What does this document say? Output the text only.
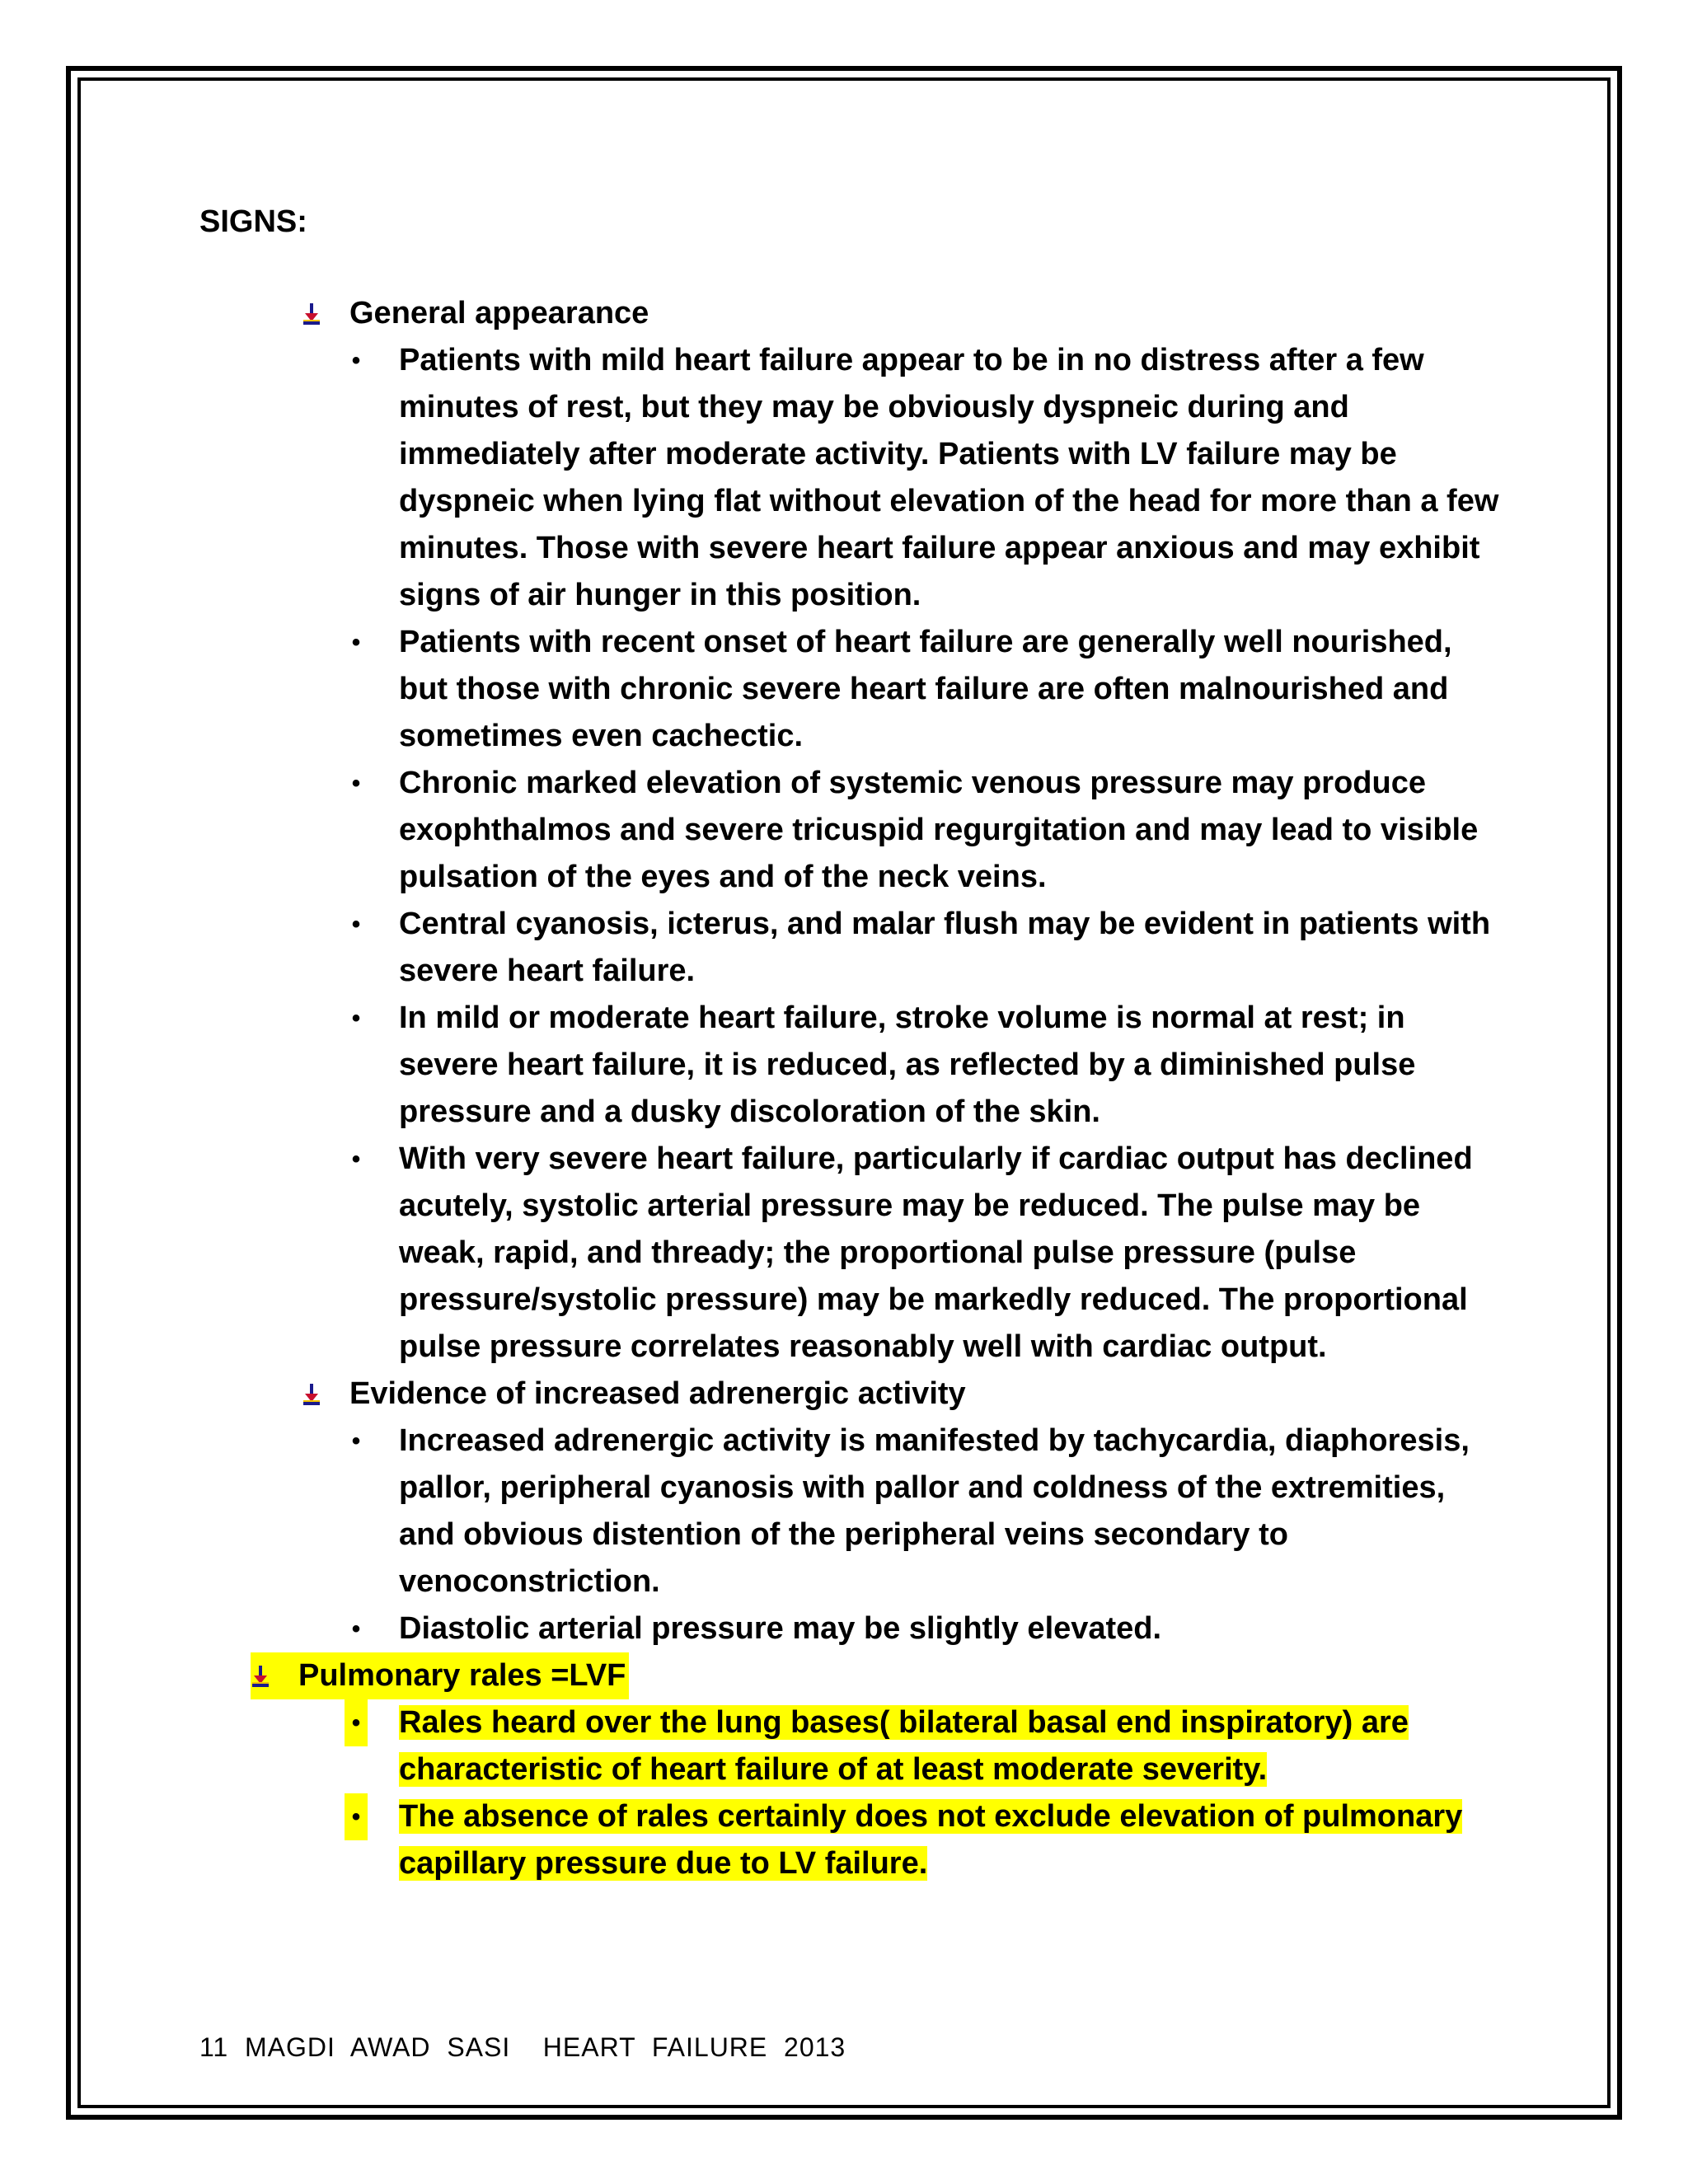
SIGNS:
General appearance
• Patients with mild heart failure appear to be in no distress after a few minutes of rest, but they may be obviously dyspneic during and immediately after moderate activity. Patients with LV failure may be dyspneic when lying flat without elevation of the head for more than a few minutes. Those with severe heart failure appear anxious and may exhibit signs of air hunger in this position.
• Patients with recent onset of heart failure are generally well nourished, but those with chronic severe heart failure are often malnourished and sometimes even cachectic.
• Chronic marked elevation of systemic venous pressure may produce exophthalmos and severe tricuspid regurgitation and may lead to visible pulsation of the eyes and of the neck veins.
• Central cyanosis, icterus, and malar flush may be evident in patients with severe heart failure.
• In mild or moderate heart failure, stroke volume is normal at rest; in severe heart failure, it is reduced, as reflected by a diminished pulse pressure and a dusky discoloration of the skin.
• With very severe heart failure, particularly if cardiac output has declined acutely, systolic arterial pressure may be reduced. The pulse may be weak, rapid, and thready; the proportional pulse pressure (pulse pressure/systolic pressure) may be markedly reduced. The proportional pulse pressure correlates reasonably well with cardiac output.
Evidence of increased adrenergic activity
• Increased adrenergic activity is manifested by tachycardia, diaphoresis, pallor, peripheral cyanosis with pallor and coldness of the extremities, and obvious distention of the peripheral veins secondary to venoconstriction.
• Diastolic arterial pressure may be slightly elevated.
Pulmonary rales =LVF
• Rales heard over the lung bases( bilateral basal end inspiratory) are characteristic of heart failure of at least moderate severity.
• The absence of rales certainly does not exclude elevation of pulmonary capillary pressure due to LV failure.
11  MAGDI  AWAD  SASI    HEART  FAILURE  2013
